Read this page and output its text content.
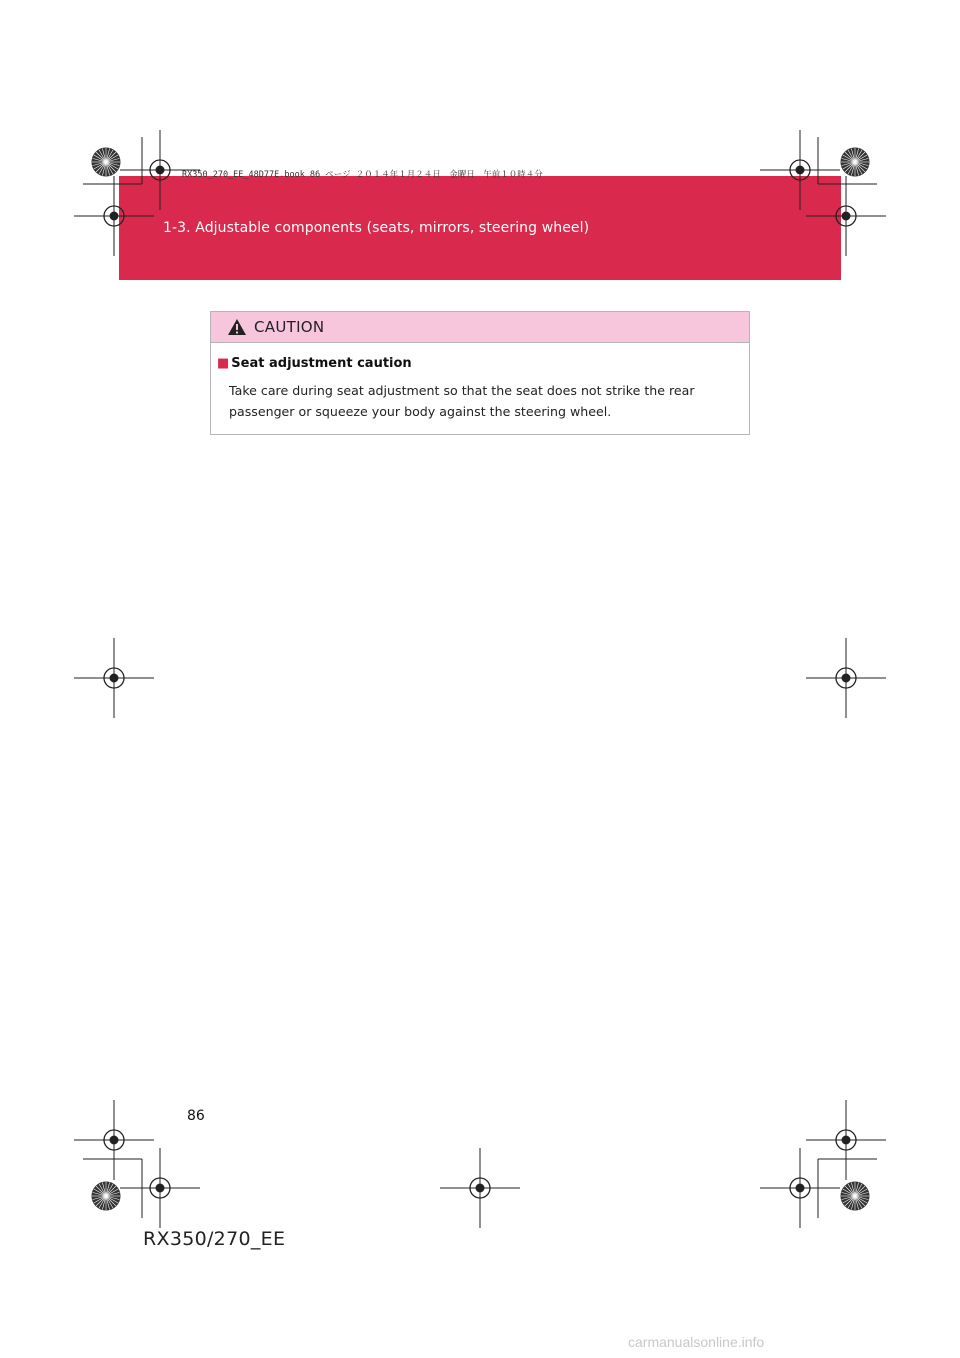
1-3. Adjustable components (seats, mirrors, steering wheel)
RX350_270_EE_48D77E.book 86 ページ ２０１４年１月２４日　金曜日　午前１０時４分
CAUTION
■ Seat adjustment caution
Take care during seat adjustment so that the seat does not strike the rear passenger or squeeze your body against the steering wheel.
86
RX350/270_EE
carmanualsonline.info
